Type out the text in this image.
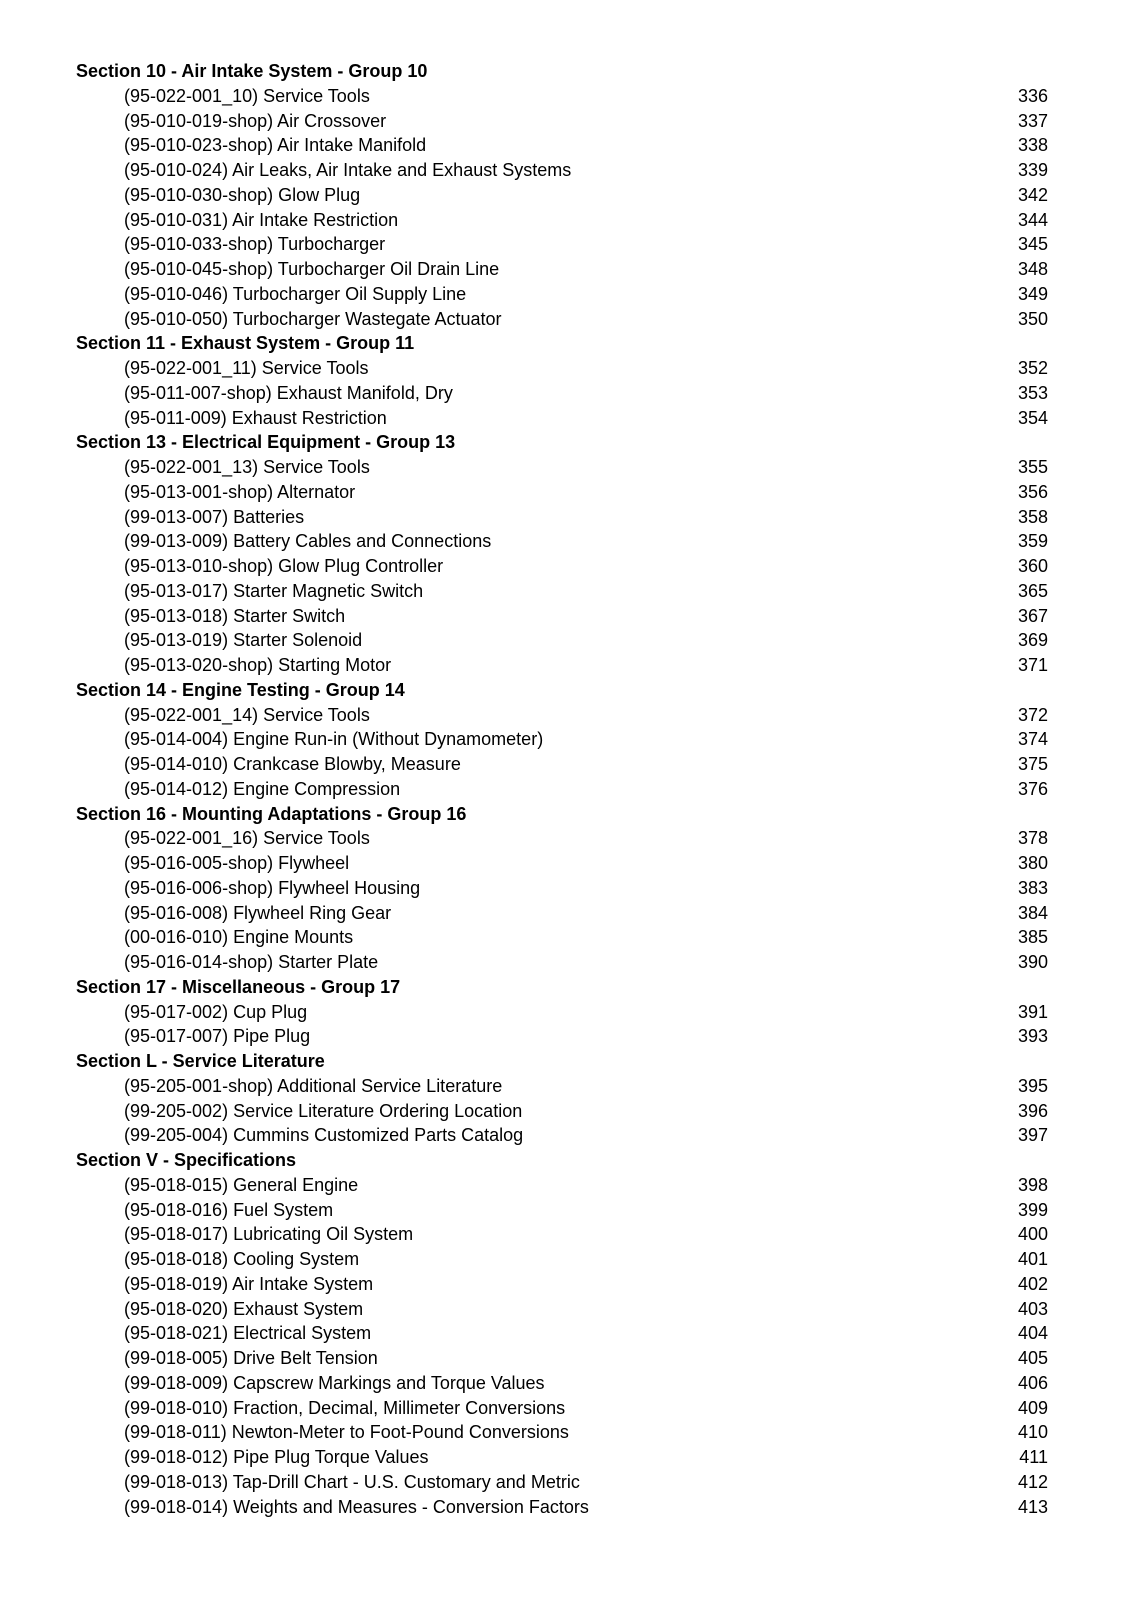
Section 10 - Air Intake System - Group 10
(95-022-001_10) Service Tools	336
(95-010-019-shop) Air Crossover	337
(95-010-023-shop) Air Intake Manifold	338
(95-010-024) Air Leaks, Air Intake and Exhaust Systems	339
(95-010-030-shop) Glow Plug	342
(95-010-031) Air Intake Restriction	344
(95-010-033-shop) Turbocharger	345
(95-010-045-shop) Turbocharger Oil Drain Line	348
(95-010-046) Turbocharger Oil Supply Line	349
(95-010-050) Turbocharger Wastegate Actuator	350
Section 11 - Exhaust System - Group 11
(95-022-001_11) Service Tools	352
(95-011-007-shop) Exhaust Manifold, Dry	353
(95-011-009) Exhaust Restriction	354
Section 13 - Electrical Equipment - Group 13
(95-022-001_13) Service Tools	355
(95-013-001-shop) Alternator	356
(99-013-007) Batteries	358
(99-013-009) Battery Cables and Connections	359
(95-013-010-shop) Glow Plug Controller	360
(95-013-017) Starter Magnetic Switch	365
(95-013-018) Starter Switch	367
(95-013-019) Starter Solenoid	369
(95-013-020-shop) Starting Motor	371
Section 14 - Engine Testing - Group 14
(95-022-001_14) Service Tools	372
(95-014-004) Engine Run-in (Without Dynamometer)	374
(95-014-010) Crankcase Blowby, Measure	375
(95-014-012) Engine Compression	376
Section 16 - Mounting Adaptations - Group 16
(95-022-001_16) Service Tools	378
(95-016-005-shop) Flywheel	380
(95-016-006-shop) Flywheel Housing	383
(95-016-008) Flywheel Ring Gear	384
(00-016-010) Engine Mounts	385
(95-016-014-shop) Starter Plate	390
Section 17 - Miscellaneous - Group 17
(95-017-002) Cup Plug	391
(95-017-007) Pipe Plug	393
Section L - Service Literature
(95-205-001-shop) Additional Service Literature	395
(99-205-002) Service Literature Ordering Location	396
(99-205-004) Cummins Customized Parts Catalog	397
Section V - Specifications
(95-018-015) General Engine	398
(95-018-016) Fuel System	399
(95-018-017) Lubricating Oil System	400
(95-018-018) Cooling System	401
(95-018-019) Air Intake System	402
(95-018-020) Exhaust System	403
(95-018-021) Electrical System	404
(99-018-005) Drive Belt Tension	405
(99-018-009) Capscrew Markings and Torque Values	406
(99-018-010) Fraction, Decimal, Millimeter Conversions	409
(99-018-011) Newton-Meter to Foot-Pound Conversions	410
(99-018-012) Pipe Plug Torque Values	411
(99-018-013) Tap-Drill Chart - U.S. Customary and Metric	412
(99-018-014) Weights and Measures - Conversion Factors	413
